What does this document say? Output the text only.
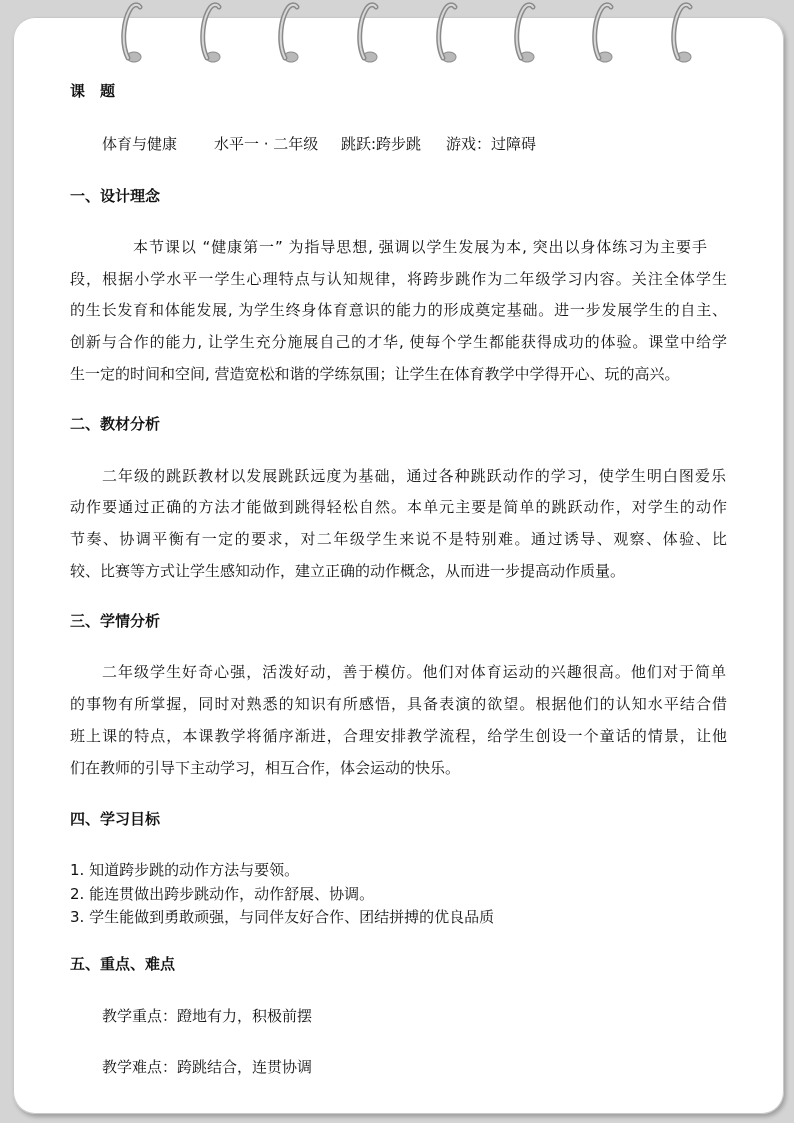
课　题
体育与健康 水平一 · 二年级 跳跃:跨步跳 游戏：过障碍
一、设计理念
本节课以 “健康第一” 为指导思想, 强调以学生发展为本, 突出以身体练习为主要手
段，根据小学水平一学生心理特点与认知规律，将跨步跳作为二年级学习内容。关注全体学生
的生长发育和体能发展, 为学生终身体育意识的能力的形成奠定基础。进一步发展学生的自主、
创新与合作的能力, 让学生充分施展自己的才华, 使每个学生都能获得成功的体验。课堂中给学
生一定的时间和空间, 营造宽松和谐的学练氛围；让学生在体育教学中学得开心、玩的高兴。
二、教材分析
二年级的跳跃教材以发展跳跃远度为基础，通过各种跳跃动作的学习，使学生明白图爱乐
动作要通过正确的方法才能做到跳得轻松自然。本单元主要是简单的跳跃动作，对学生的动作
节奏、协调平衡有一定的要求，对二年级学生来说不是特别难。通过诱导、观察、体验、比
较、比赛等方式让学生感知动作，建立正确的动作概念，从而进一步提高动作质量。
三、学情分析
二年级学生好奇心强，活泼好动，善于模仿。他们对体育运动的兴趣很高。他们对于简单
的事物有所掌握，同时对熟悉的知识有所感悟，具备表演的欲望。根据他们的认知水平结合借
班上课的特点，本课教学将循序渐进，合理安排教学流程，给学生创设一个童话的情景，让他
们在教师的引导下主动学习，相互合作，体会运动的快乐。
四、学习目标
1. 知道跨步跳的动作方法与要领。
2. 能连贯做出跨步跳动作，动作舒展、协调。
3. 学生能做到勇敢顽强，与同伴友好合作、团结拼搏的优良品质
五、重点、难点
教学重点：蹬地有力，积极前摆
教学难点：跨跳结合，连贯协调
